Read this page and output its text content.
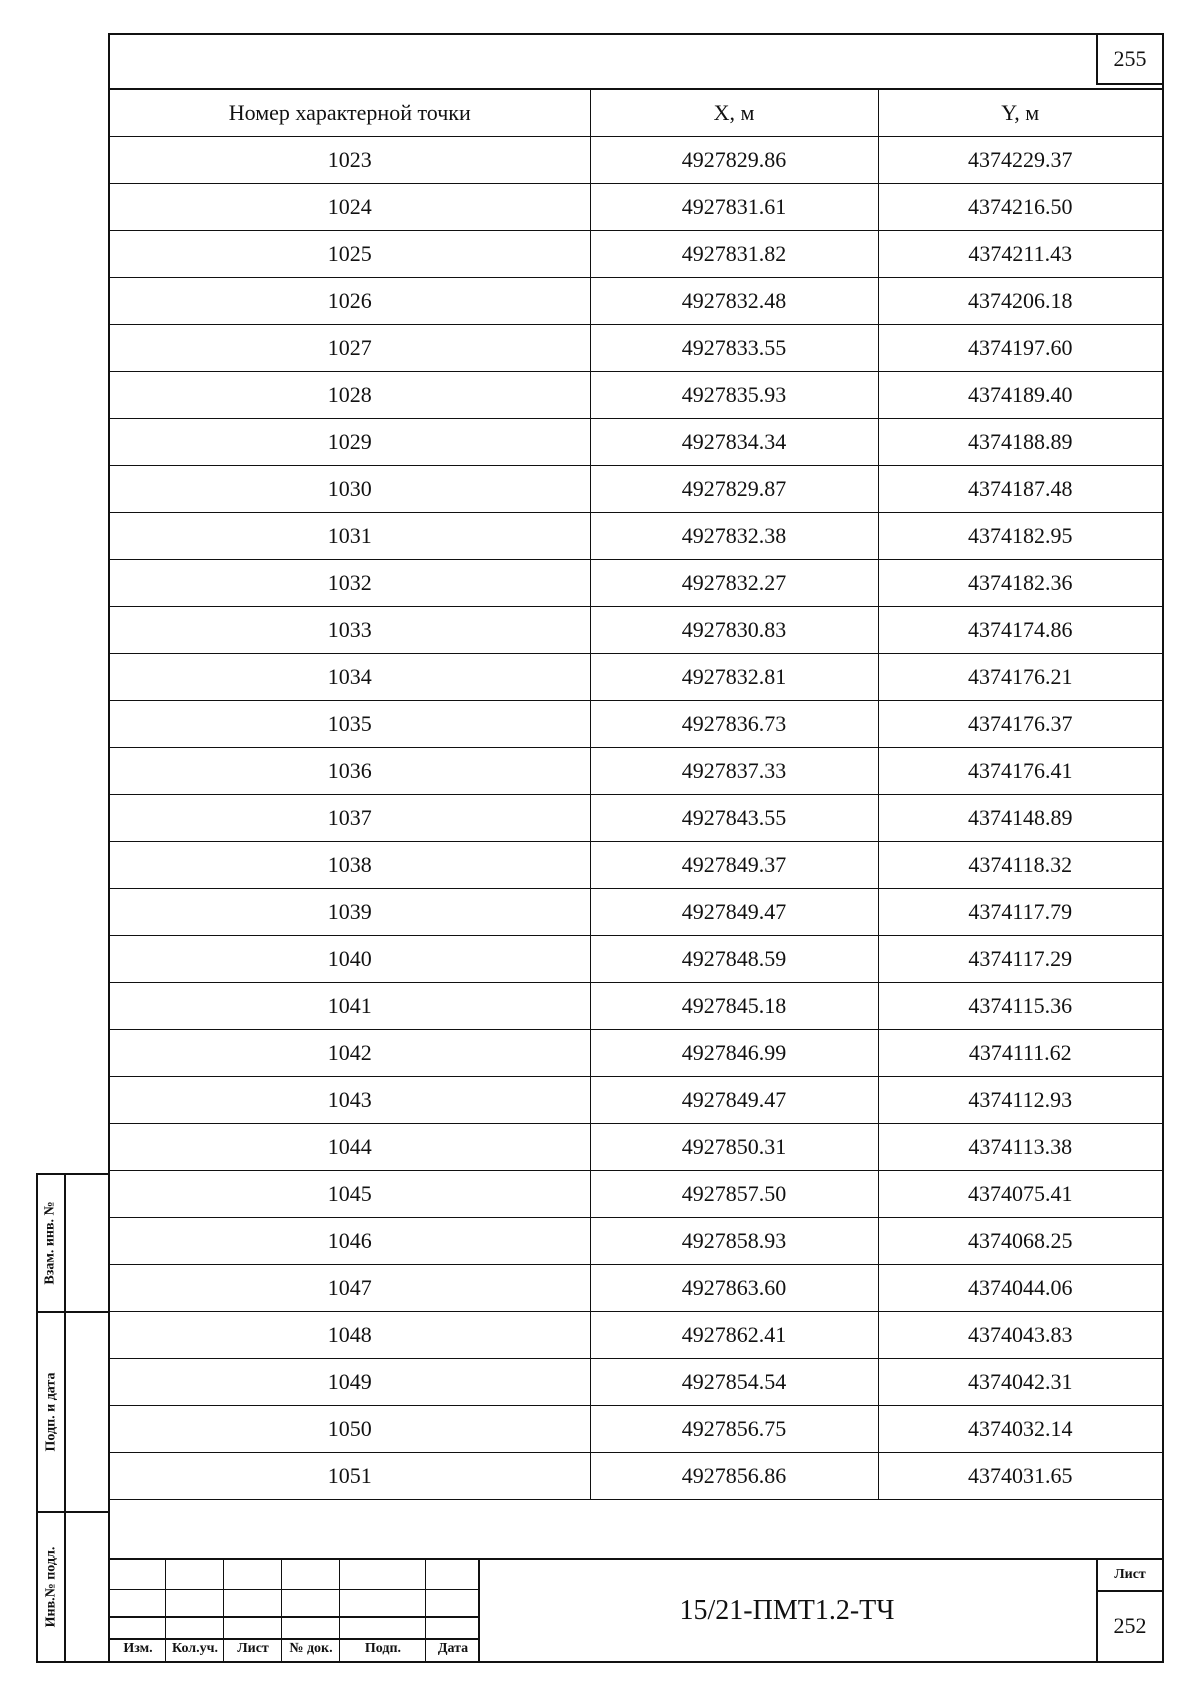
Взам. инв. №
Подп. и дата
Инв.№ подл.
255
Номер характерной точки	X, м	Y, м
1023	4927829.86	4374229.37
1024	4927831.61	4374216.50
1025	4927831.82	4374211.43
1026	4927832.48	4374206.18
1027	4927833.55	4374197.60
1028	4927835.93	4374189.40
1029	4927834.34	4374188.89
1030	4927829.87	4374187.48
1031	4927832.38	4374182.95
1032	4927832.27	4374182.36
1033	4927830.83	4374174.86
1034	4927832.81	4374176.21
1035	4927836.73	4374176.37
1036	4927837.33	4374176.41
1037	4927843.55	4374148.89
1038	4927849.37	4374118.32
1039	4927849.47	4374117.79
1040	4927848.59	4374117.29
1041	4927845.18	4374115.36
1042	4927846.99	4374111.62
1043	4927849.47	4374112.93
1044	4927850.31	4374113.38
1045	4927857.50	4374075.41
1046	4927858.93	4374068.25
1047	4927863.60	4374044.06
1048	4927862.41	4374043.83
1049	4927854.54	4374042.31
1050	4927856.75	4374032.14
1051	4927856.86	4374031.65
Изм.	Кол.уч.	Лист	№ док.	Подп.	Дата
15/21-ПМТ1.2-ТЧ
Лист
252
